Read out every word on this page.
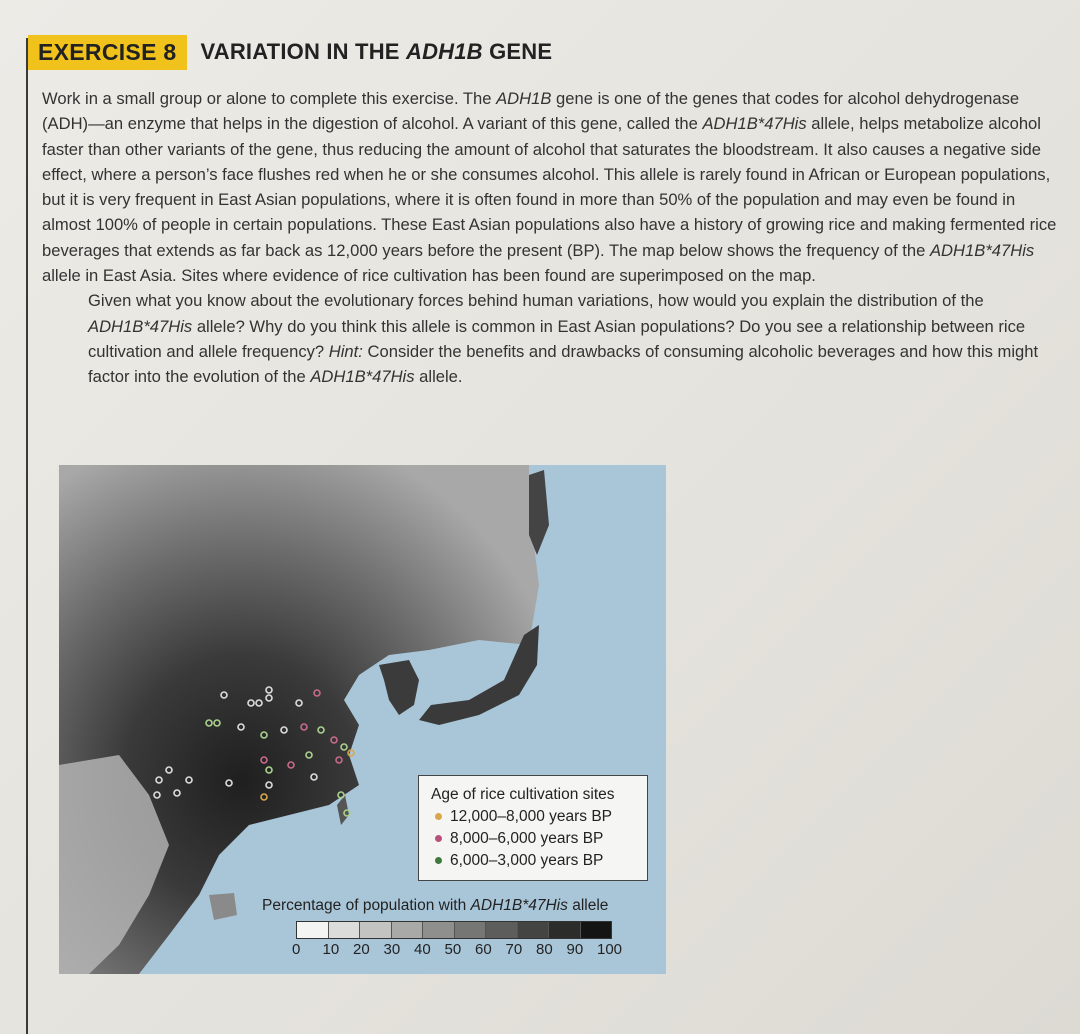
EXERCISE 8	VARIATION IN THE ADH1B GENE

Work in a small group or alone to complete this exercise. The ADH1B gene is one of the genes that codes for alcohol dehydrogenase (ADH)—an enzyme that helps in the digestion of alcohol. A variant of this gene, called the ADH1B*47His allele, helps metabolize alcohol faster than other variants of the gene, thus reducing the amount of alcohol that saturates the bloodstream. It also causes a negative side effect, where a person’s face flushes red when he or she consumes alcohol. This allele is rarely found in African or European populations, but it is very frequent in East Asian populations, where it is often found in more than 50% of the population and may even be found in almost 100% of people in certain populations. These East Asian populations also have a history of growing rice and making fermented rice beverages that extends as far back as 12,000 years before the present (BP). The map below shows the frequency of the ADH1B*47His allele in East Asia. Sites where evidence of rice cultivation has been found are superimposed on the map.

Given what you know about the evolutionary forces behind human variations, how would you explain the distribution of the ADH1B*47His allele? Why do you think this allele is common in East Asian populations? Do you see a relationship between rice cultivation and allele frequency? Hint: Consider the benefits and drawbacks of consuming alcoholic beverages and how this might factor into the evolution of the ADH1B*47His allele.

Age of rice cultivation sites
12,000–8,000 years BP
8,000–6,000 years BP
6,000–3,000 years BP
Percentage of population with ADH1B*47His allele
0 10 20 30 40 50 60 70 80 90 100
